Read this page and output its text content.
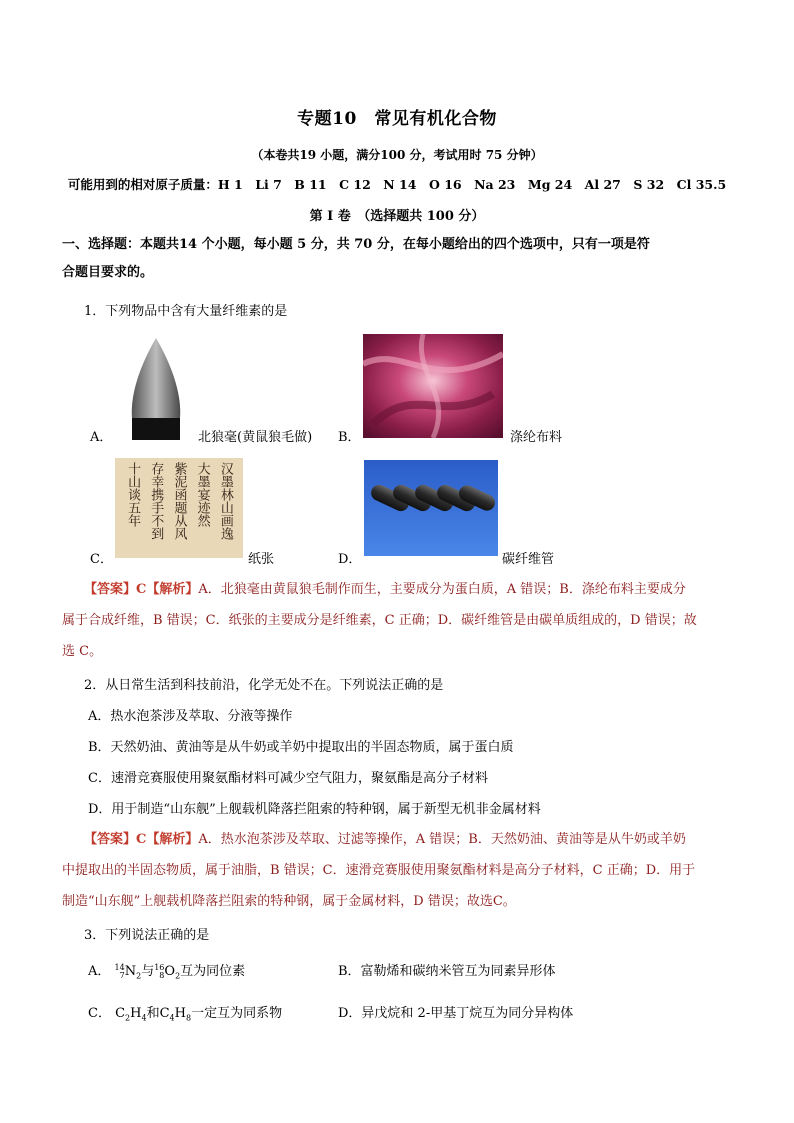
专题10　常见有机化合物
（本卷共19 小题，满分100 分，考试用时 75 分钟）
可能用到的相对原子质量：H 1　Li 7　B 11　C 12　N 14　O 16　Na 23　Mg 24　Al 27　S 32　Cl 35.5
第 I 卷　（选择题共 100 分）
一、选择题：本题共14 个小题，每小题 5 分，共 70 分，在每小题给出的四个选项中，只有一项是符
合题目要求的。
1．下列物品中含有大量纤维素的是
A．	北狼毫(黄鼠狼毛做) B．	涤纶布料
十山谈五年 存幸携手不到 紫泥函题从风 大墨宴迹然 汉墨林山画逸
C．	纸张	D．	碳纤维管
【答案】C【解析】A．北狼毫由黄鼠狼毛制作而生，主要成分为蛋白质，A 错误；B．涤纶布料主要成分
属于合成纤维，B 错误；C．纸张的主要成分是纤维素，C 正确；D．碳纤维管是由碳单质组成的，D 错误；故
选 C。
2．从日常生活到科技前沿，化学无处不在。下列说法正确的是
A．热水泡茶涉及萃取、分液等操作
B．天然奶油、黄油等是从牛奶或羊奶中提取出的半固态物质，属于蛋白质
C．速滑竞赛服使用聚氨酯材料可减少空气阻力，聚氨酯是高分子材料
D．用于制造“山东舰”上舰载机降落拦阻索的特种钢，属于新型无机非金属材料
【答案】C【解析】A．热水泡茶涉及萃取、过滤等操作，A 错误；B．天然奶油、黄油等是从牛奶或羊奶
中提取出的半固态物质，属于油脂，B 错误；C．速滑竞赛服使用聚氨酯材料是高分子材料，C 正确；D．用于
制造“山东舰”上舰载机降落拦阻索的特种钢，属于金属材料，D 错误；故选C。
3．下列说法正确的是
A． 14
$7N_2$与16
$8O_2$互为同位素	B．富勒烯和碳纳米管互为同素异形体
C． $C_2H_4$和$C_4H_8$一定互为同系物	D．异戊烷和 2-甲基丁烷互为同分异构体
